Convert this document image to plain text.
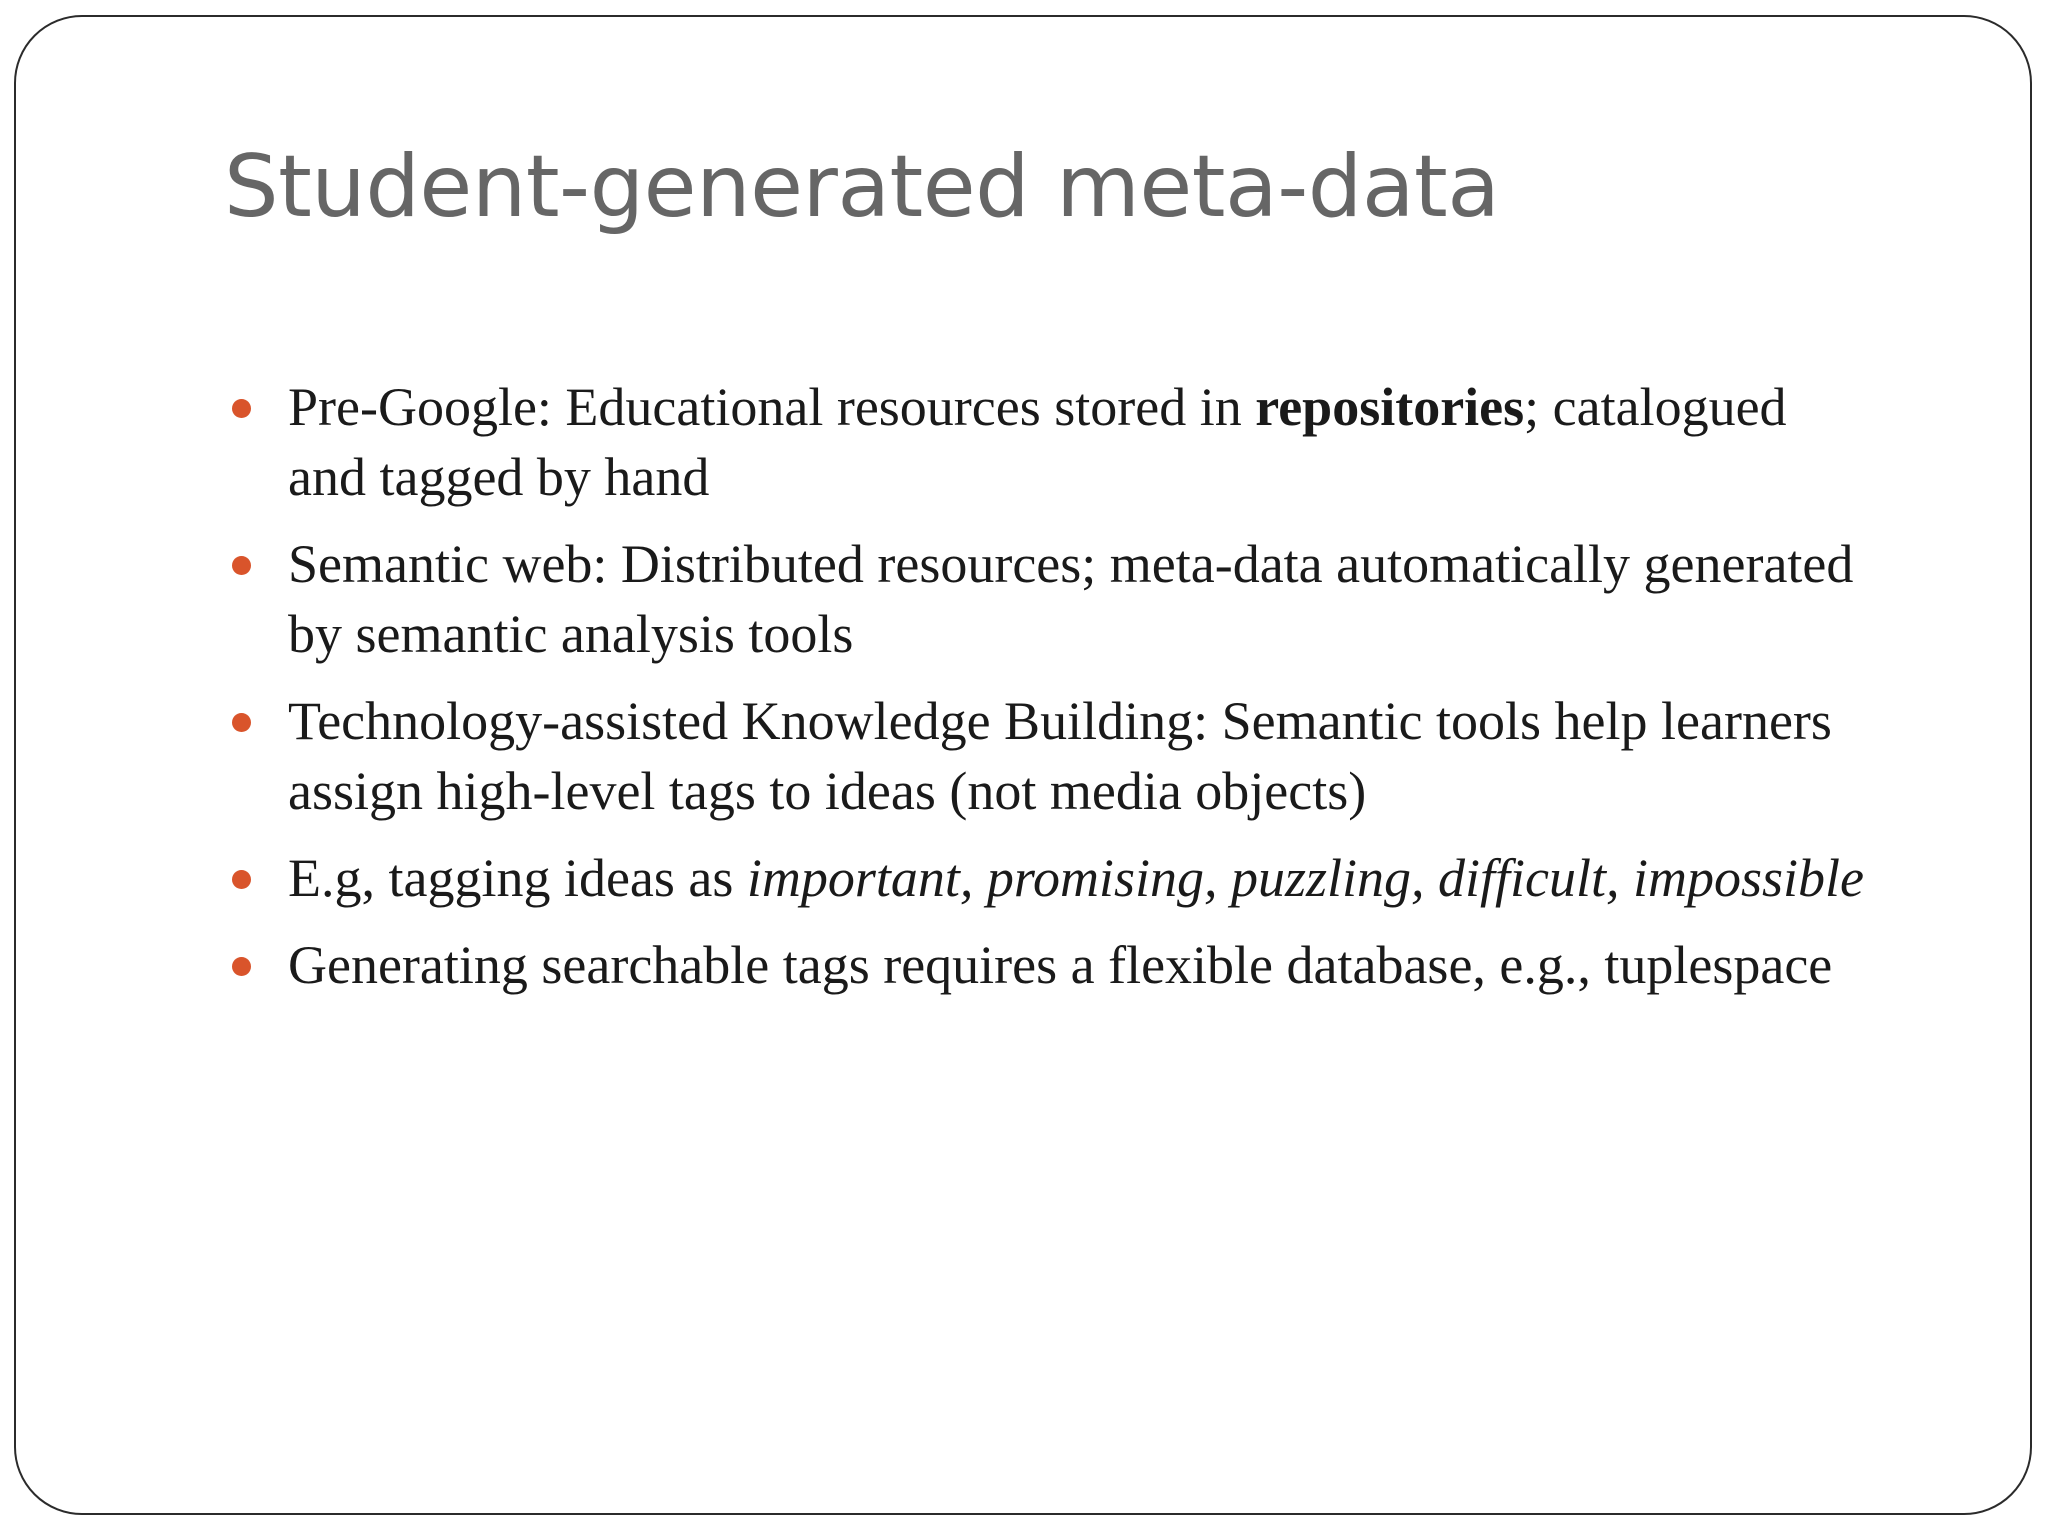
Student-generated meta-data
Pre-Google: Educational resources stored in repositories; catalogued and tagged by hand
Semantic web: Distributed resources; meta-data automatically generated by semantic analysis tools
Technology-assisted Knowledge Building: Semantic tools help learners assign high-level tags to ideas (not media objects)
E.g, tagging ideas as important, promising, puzzling, difficult, impossible
Generating searchable tags requires a flexible database, e.g., tuplespace
